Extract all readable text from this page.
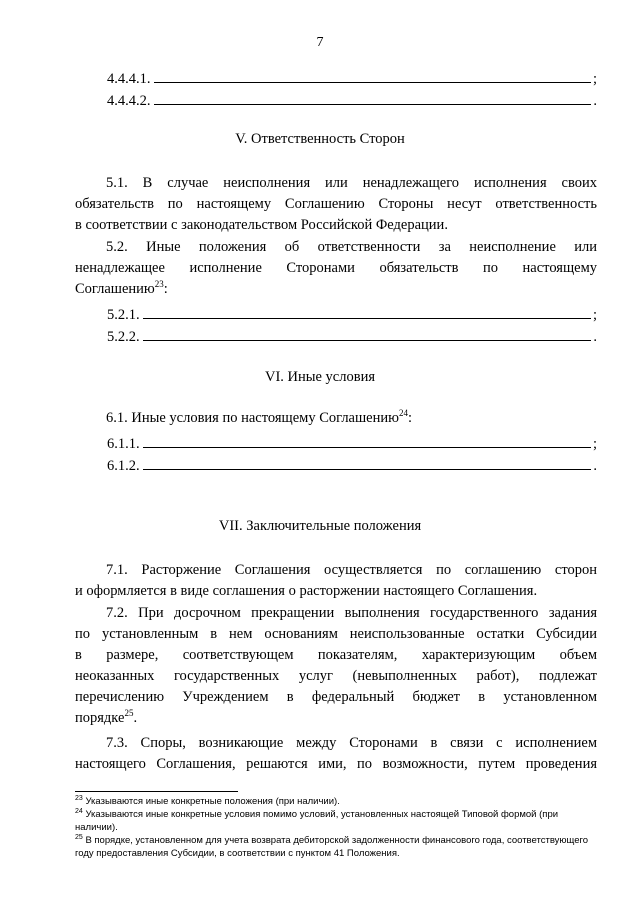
7
4.4.4.1.	;
4.4.4.2.	.
V. Ответственность Сторон
5.1. В случае неисполнения или ненадлежащего исполнения своих
обязательств по настоящему Соглашению Стороны несут ответственность
в соответствии с законодательством Российской Федерации.
5.2. Иные положения об ответственности за неисполнение или
ненадлежащее исполнение Сторонами обязательств по настоящему
Соглашению$^{23}$:
5.2.1.	;
5.2.2.	.
VI. Иные условия
6.1. Иные условия по настоящему Соглашению$^{24}$:
6.1.1.	;
6.1.2.	.
VII. Заключительные положения
7.1. Расторжение Соглашения осуществляется по соглашению сторон
и оформляется в виде соглашения о расторжении настоящего Соглашения.
7.2. При досрочном прекращении выполнения государственного задания
по установленным в нем основаниям неиспользованные остатки Субсидии
в размере, соответствующем показателям, характеризующим объем
неоказанных государственных услуг (невыполненных работ), подлежат
перечислению Учреждением в федеральный бюджет в установленном
порядке$^{25}$.
7.3. Споры, возникающие между Сторонами в связи с исполнением
настоящего Соглашения, решаются ими, по возможности, путем проведения
$^{23}$ Указываются иные конкретные положения (при наличии).
$^{24}$ Указываются иные конкретные условия помимо условий, установленных настоящей Типовой формой (при наличии).
$^{25}$ В порядке, установленном для учета возврата дебиторской задолженности финансового года, соответствующего году предоставления Субсидии, в соответствии с пунктом 41 Положения.
